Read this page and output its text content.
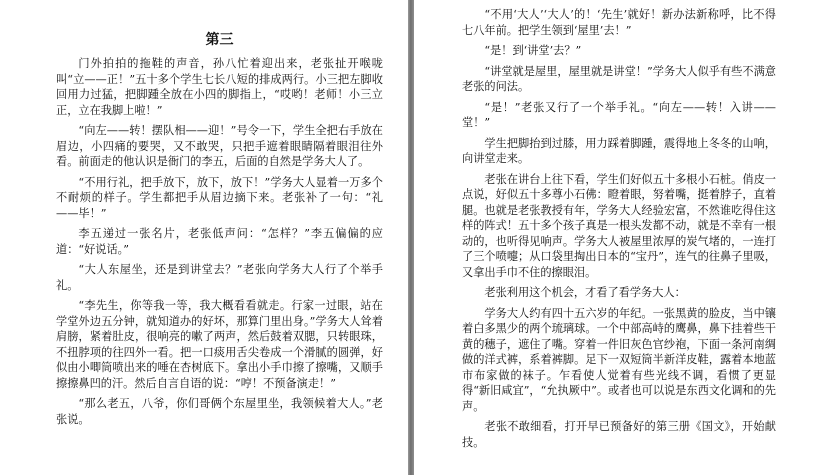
第三

门外拍拍的拖鞋的声音，孙八忙着迎出来，老张扯开喉咙叫“立——正！”五十多个学生七长八短的排成两行。小三把左脚收回用力过猛，把脚踵全放在小四的脚指上，“哎哟！老师！小三立正，立在我脚上啦！”

“向左——转！摆队相——迎！”号令一下，学生全把右手放在眉边，小四痛的要哭，又不敢哭，只把手遮着眼睛隔着眼泪往外看。前面走的他认识是衙门的李五，后面的自然是学务大人了。

“不用行礼，把手放下，放下，放下！”学务大人显着一万多个不耐烦的样子。学生都把手从眉边摘下来。老张补了一句：“礼——毕！”

李五递过一张名片，老张低声问：“怎样？”李五偏偏的应道：“好说话。”

“大人东屋坐，还是到讲堂去？”老张向学务大人行了个举手礼。

“李先生，你等我一等，我大概看看就走。行家一过眼，站在学堂外边五分钟，就知道办的好坏，那算门里出身。”学务大人耸着肩膀，紧着肚皮，很响亮的嗽了两声，然后鼓着双腮，只转眼珠，不扭脖项的往四外一看。把一口痰用舌尖卷成一个滑腻的圆弹，好似由小唧筒喷出来的唾在杏树底下。拿出小手巾擦了擦嘴，又顺手擦擦鼻凹的汗。然后自言自语的说：“哼！不预备演走！”

“那么老五，八爷，你们哥俩个东屋里坐，我领候着大人。”老张说。

“不用‘大人’‘大人’的！‘先生’就好！新办法新称呼，比不得七八年前。把学生领到‘屋里’去！”

“是！到‘讲堂’去？”

“讲堂就是屋里，屋里就是讲堂！”学务大人似乎有些不满意老张的问法。

“是！”老张又行了一个举手礼。“向左——转！入讲——堂！”

学生把脚抬到过膝，用力踩着脚踵，震得地上冬冬的山响，向讲堂走来。

老张在讲台上往下看，学生们好似五十多根小石桩。俏皮一点说，好似五十多尊小石佛：瞪着眼，努着嘴，挺着脖子，直着腿。也就是老张教授有年，学务大人经验宏富，不然谁吃得住这样的阵式！五十多个孩子真是一根头发都不动，就是不幸有一根动的，也听得见响声。学务大人被屋里浓厚的炭气堵的，一连打了三个喷嚏；从口袋里掏出日本的“宝丹”，连气的往鼻子里吸，又拿出手巾不住的擦眼泪。

老张利用这个机会，才看了看学务大人：

学务大人约有四十五六岁的年纪。一张黑黄的脸皮，当中镶着白多黑少的两个琉璃球。一个中部高峙的鹰鼻，鼻下挂着些干黄的穗子，遮住了嘴。穿着一件旧灰色官纱袍，下面一条河南绸做的洋式裤，系着裤脚。足下一双短筒半新洋皮鞋，露着本地蓝市布家做的袜子。乍看使人觉着有些光线不调，看惯了更显得“新旧咸宜”，“允执厥中”。或者也可以说是东西文化调和的先声。

老张不敢细看，打开早已预备好的第三册《国文》，开始献技。
